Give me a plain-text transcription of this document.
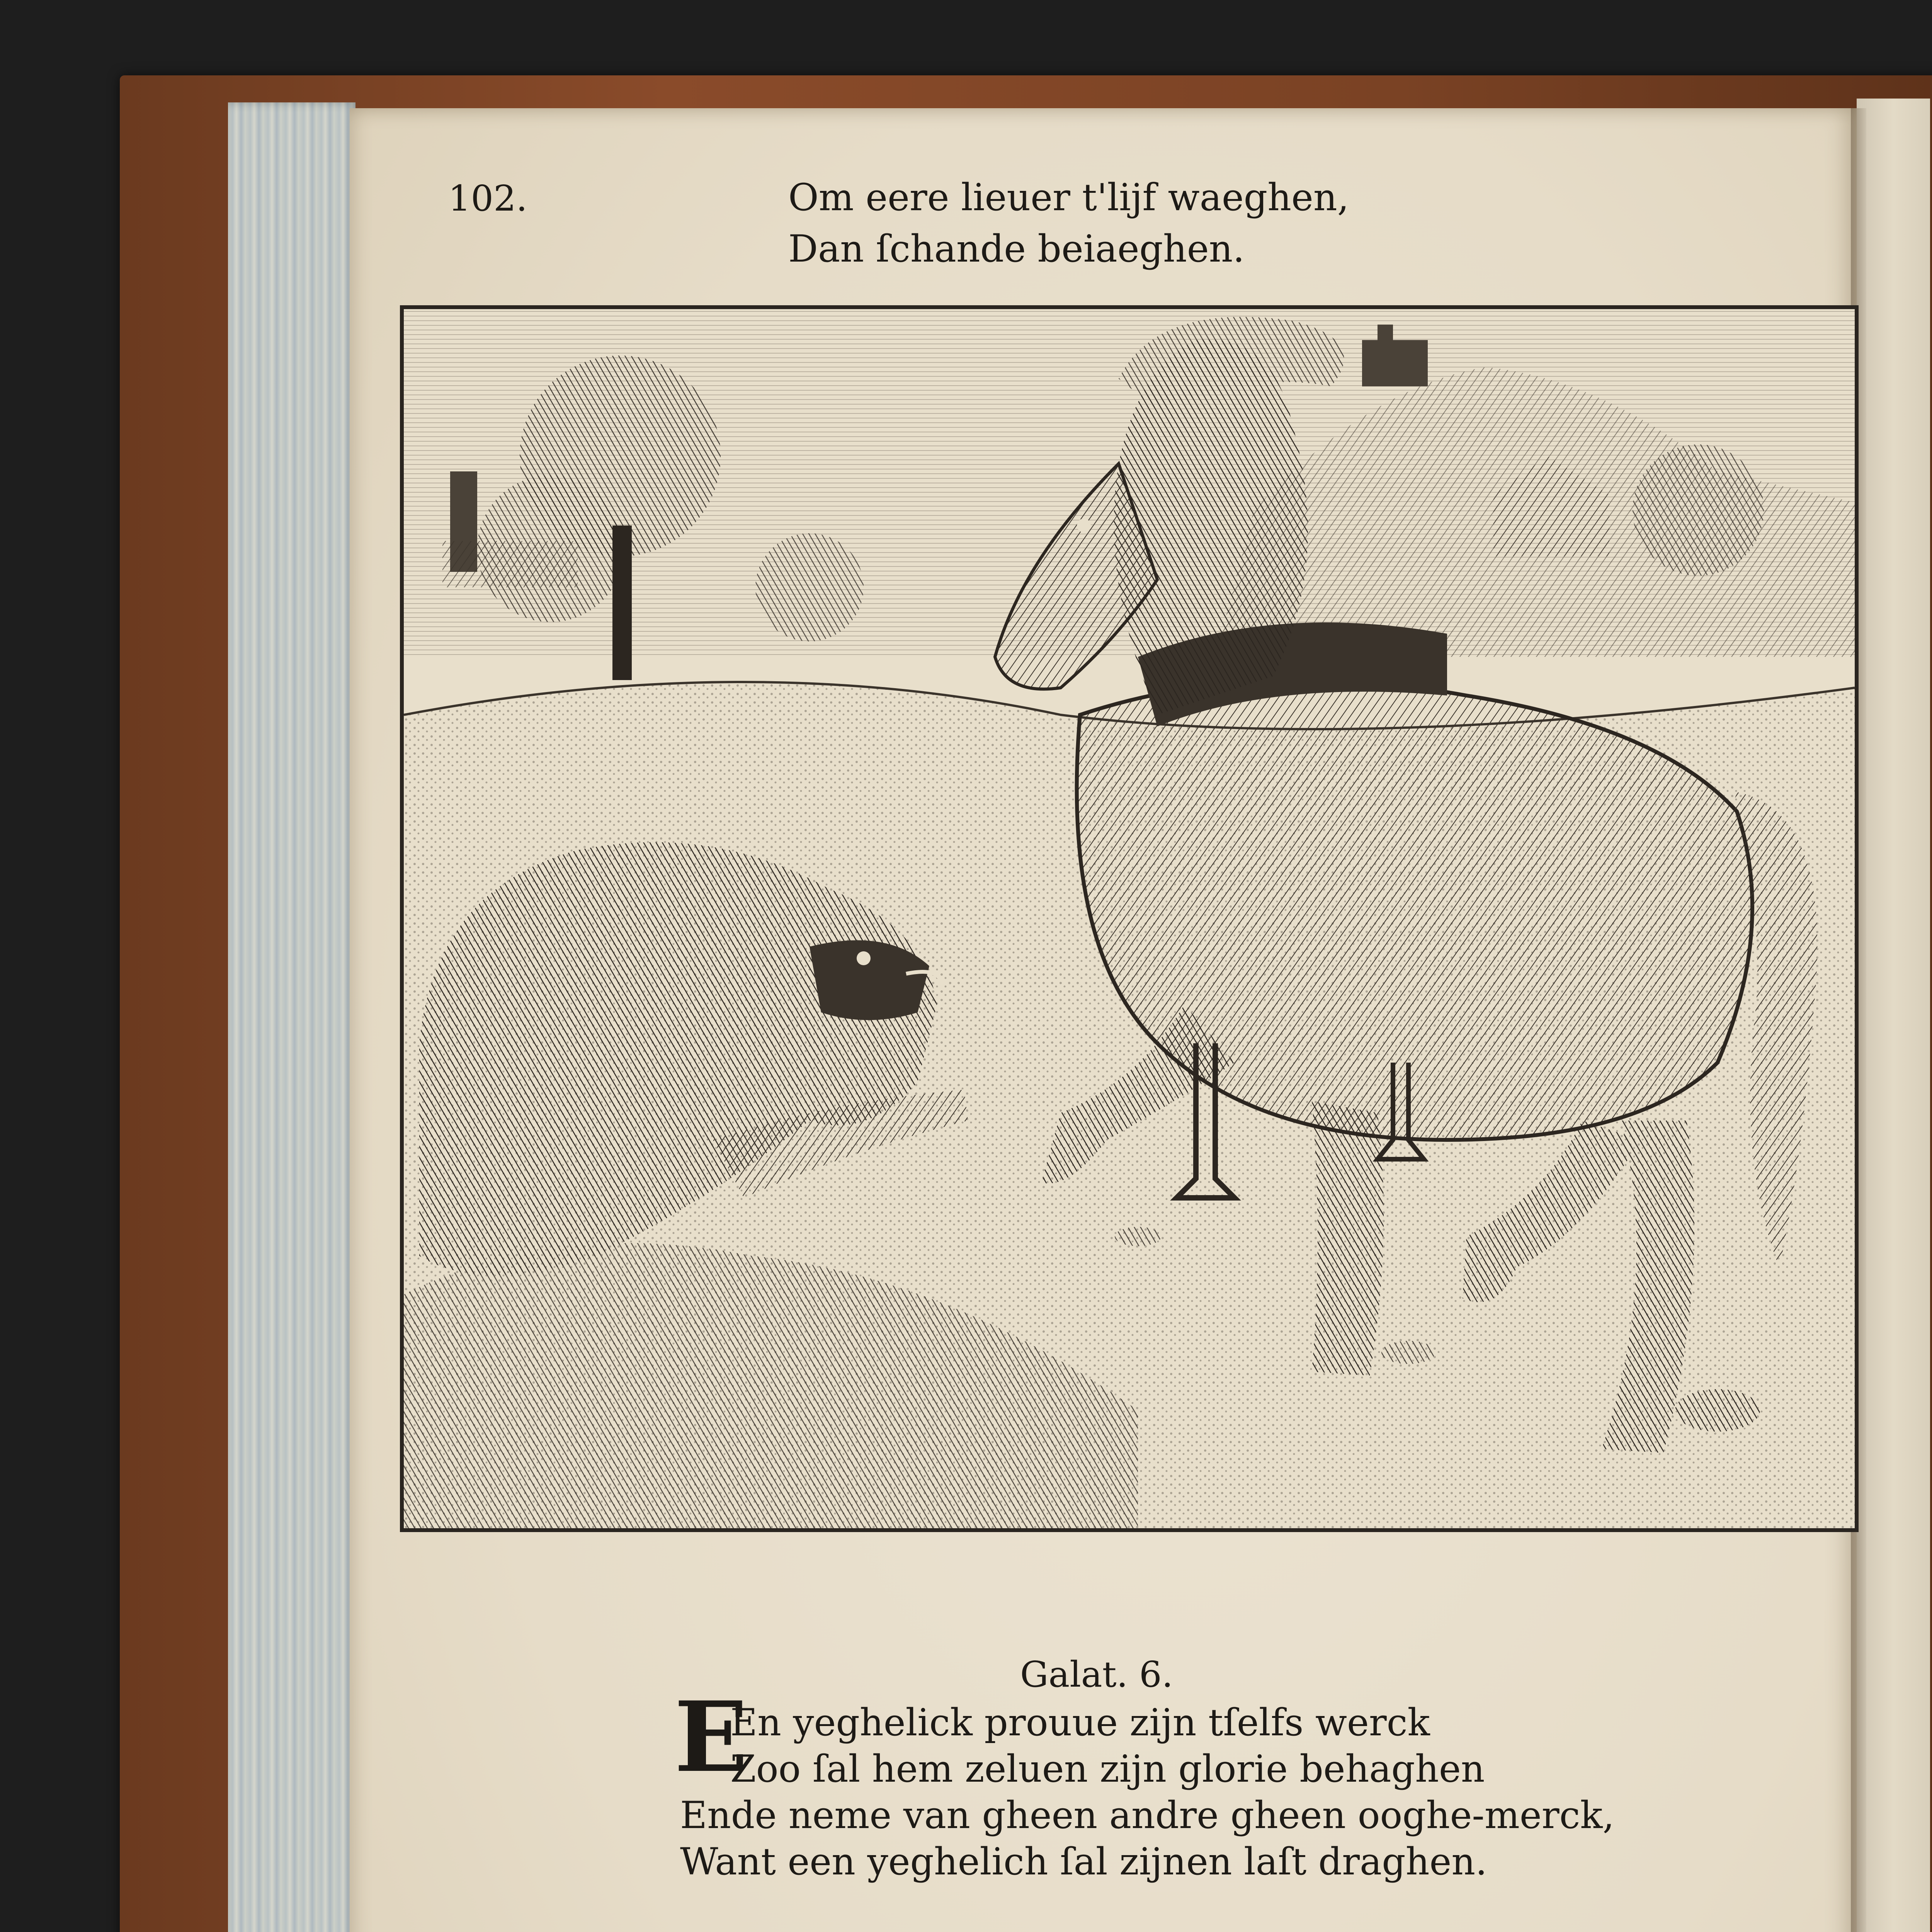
102.	Om eere lieuer t'lijf waeghen,
Dan ſchande beiaeghen.
Galat. 6.
E
En yeghelick prouue zijn tſelfs werck
Zoo ſal hem zeluen zijn glorie behaghen
Ende neme van gheen andre gheen ooghe-merck,
Want een yeghelich ſal zijnen laſt draghen.
